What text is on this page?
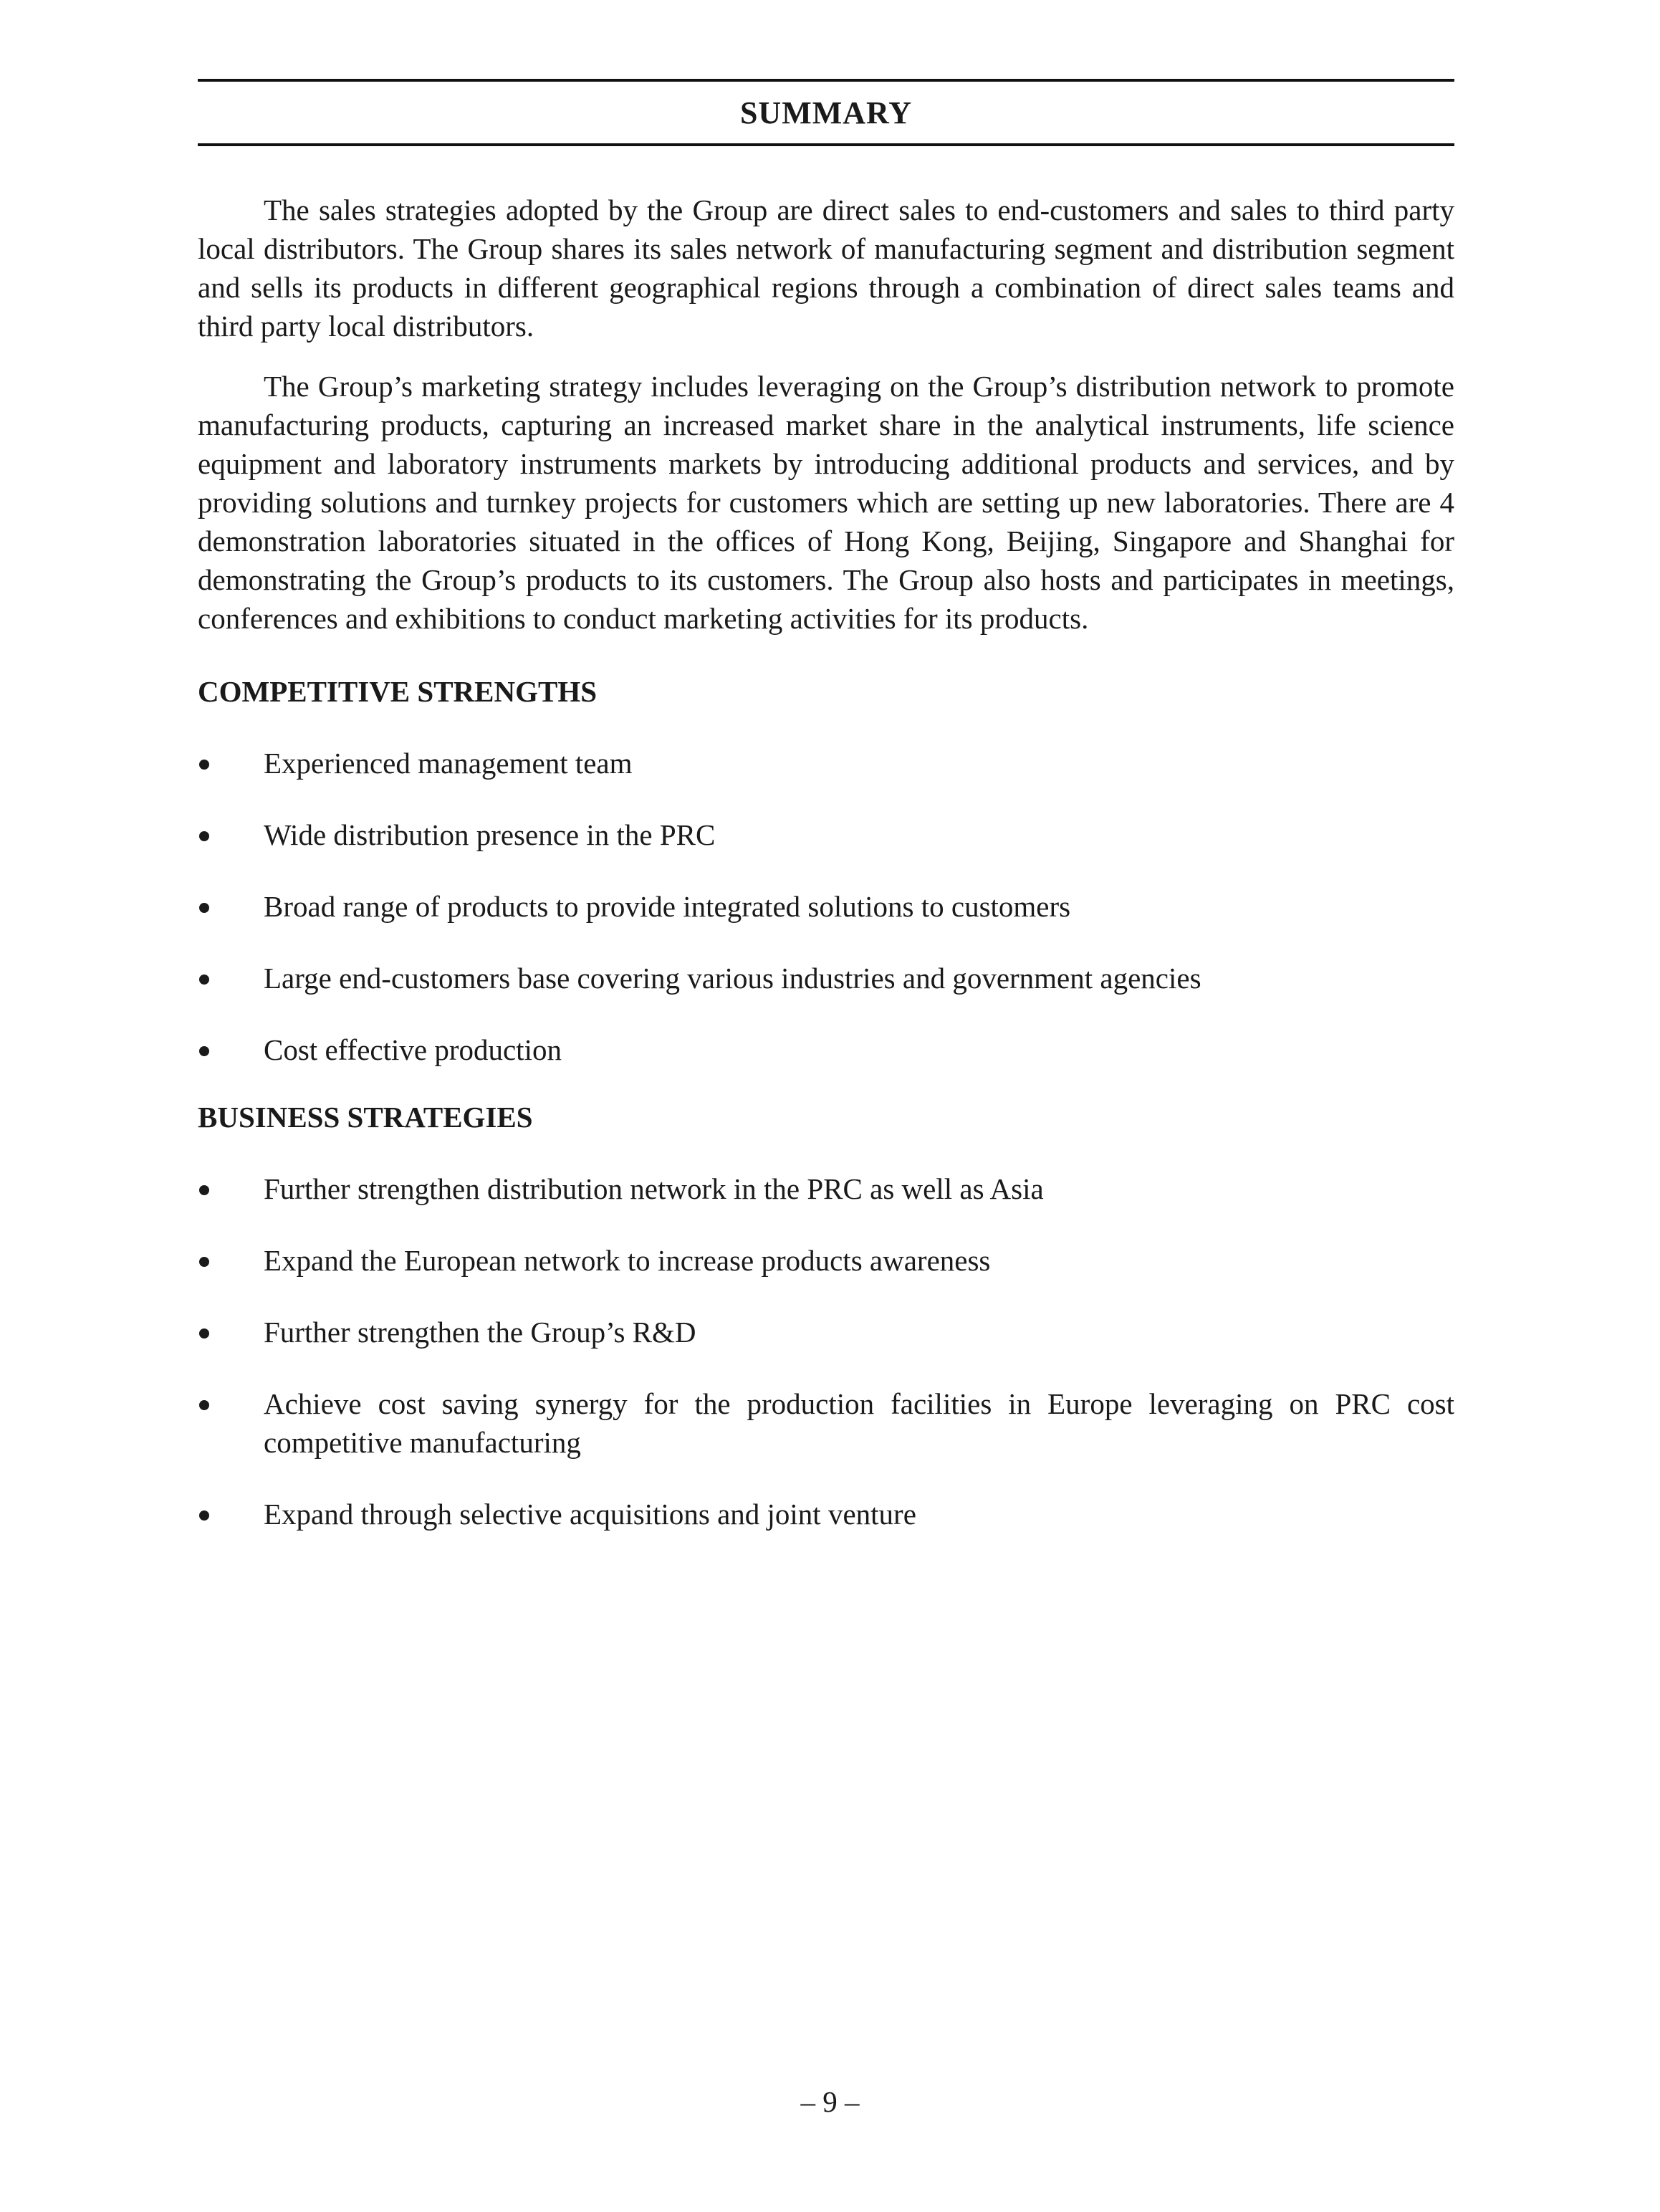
SUMMARY

The sales strategies adopted by the Group are direct sales to end-customers and sales to third party local distributors. The Group shares its sales network of manufacturing segment and distribution segment and sells its products in different geographical regions through a combination of direct sales teams and third party local distributors.

The Group’s marketing strategy includes leveraging on the Group’s distribution network to promote manufacturing products, capturing an increased market share in the analytical instruments, life science equipment and laboratory instruments markets by introducing additional products and services, and by providing solutions and turnkey projects for customers which are setting up new laboratories. There are 4 demonstration laboratories situated in the offices of Hong Kong, Beijing, Singapore and Shanghai for demonstrating the Group’s products to its customers. The Group also hosts and participates in meetings, conferences and exhibitions to conduct marketing activities for its products.

COMPETITIVE STRENGTHS
Experienced management team
Wide distribution presence in the PRC
Broad range of products to provide integrated solutions to customers
Large end-customers base covering various industries and government agencies
Cost effective production
BUSINESS STRATEGIES
Further strengthen distribution network in the PRC as well as Asia
Expand the European network to increase products awareness
Further strengthen the Group’s R&D
Achieve cost saving synergy for the production facilities in Europe leveraging on PRC cost competitive manufacturing
Expand through selective acquisitions and joint venture
– 9 –
